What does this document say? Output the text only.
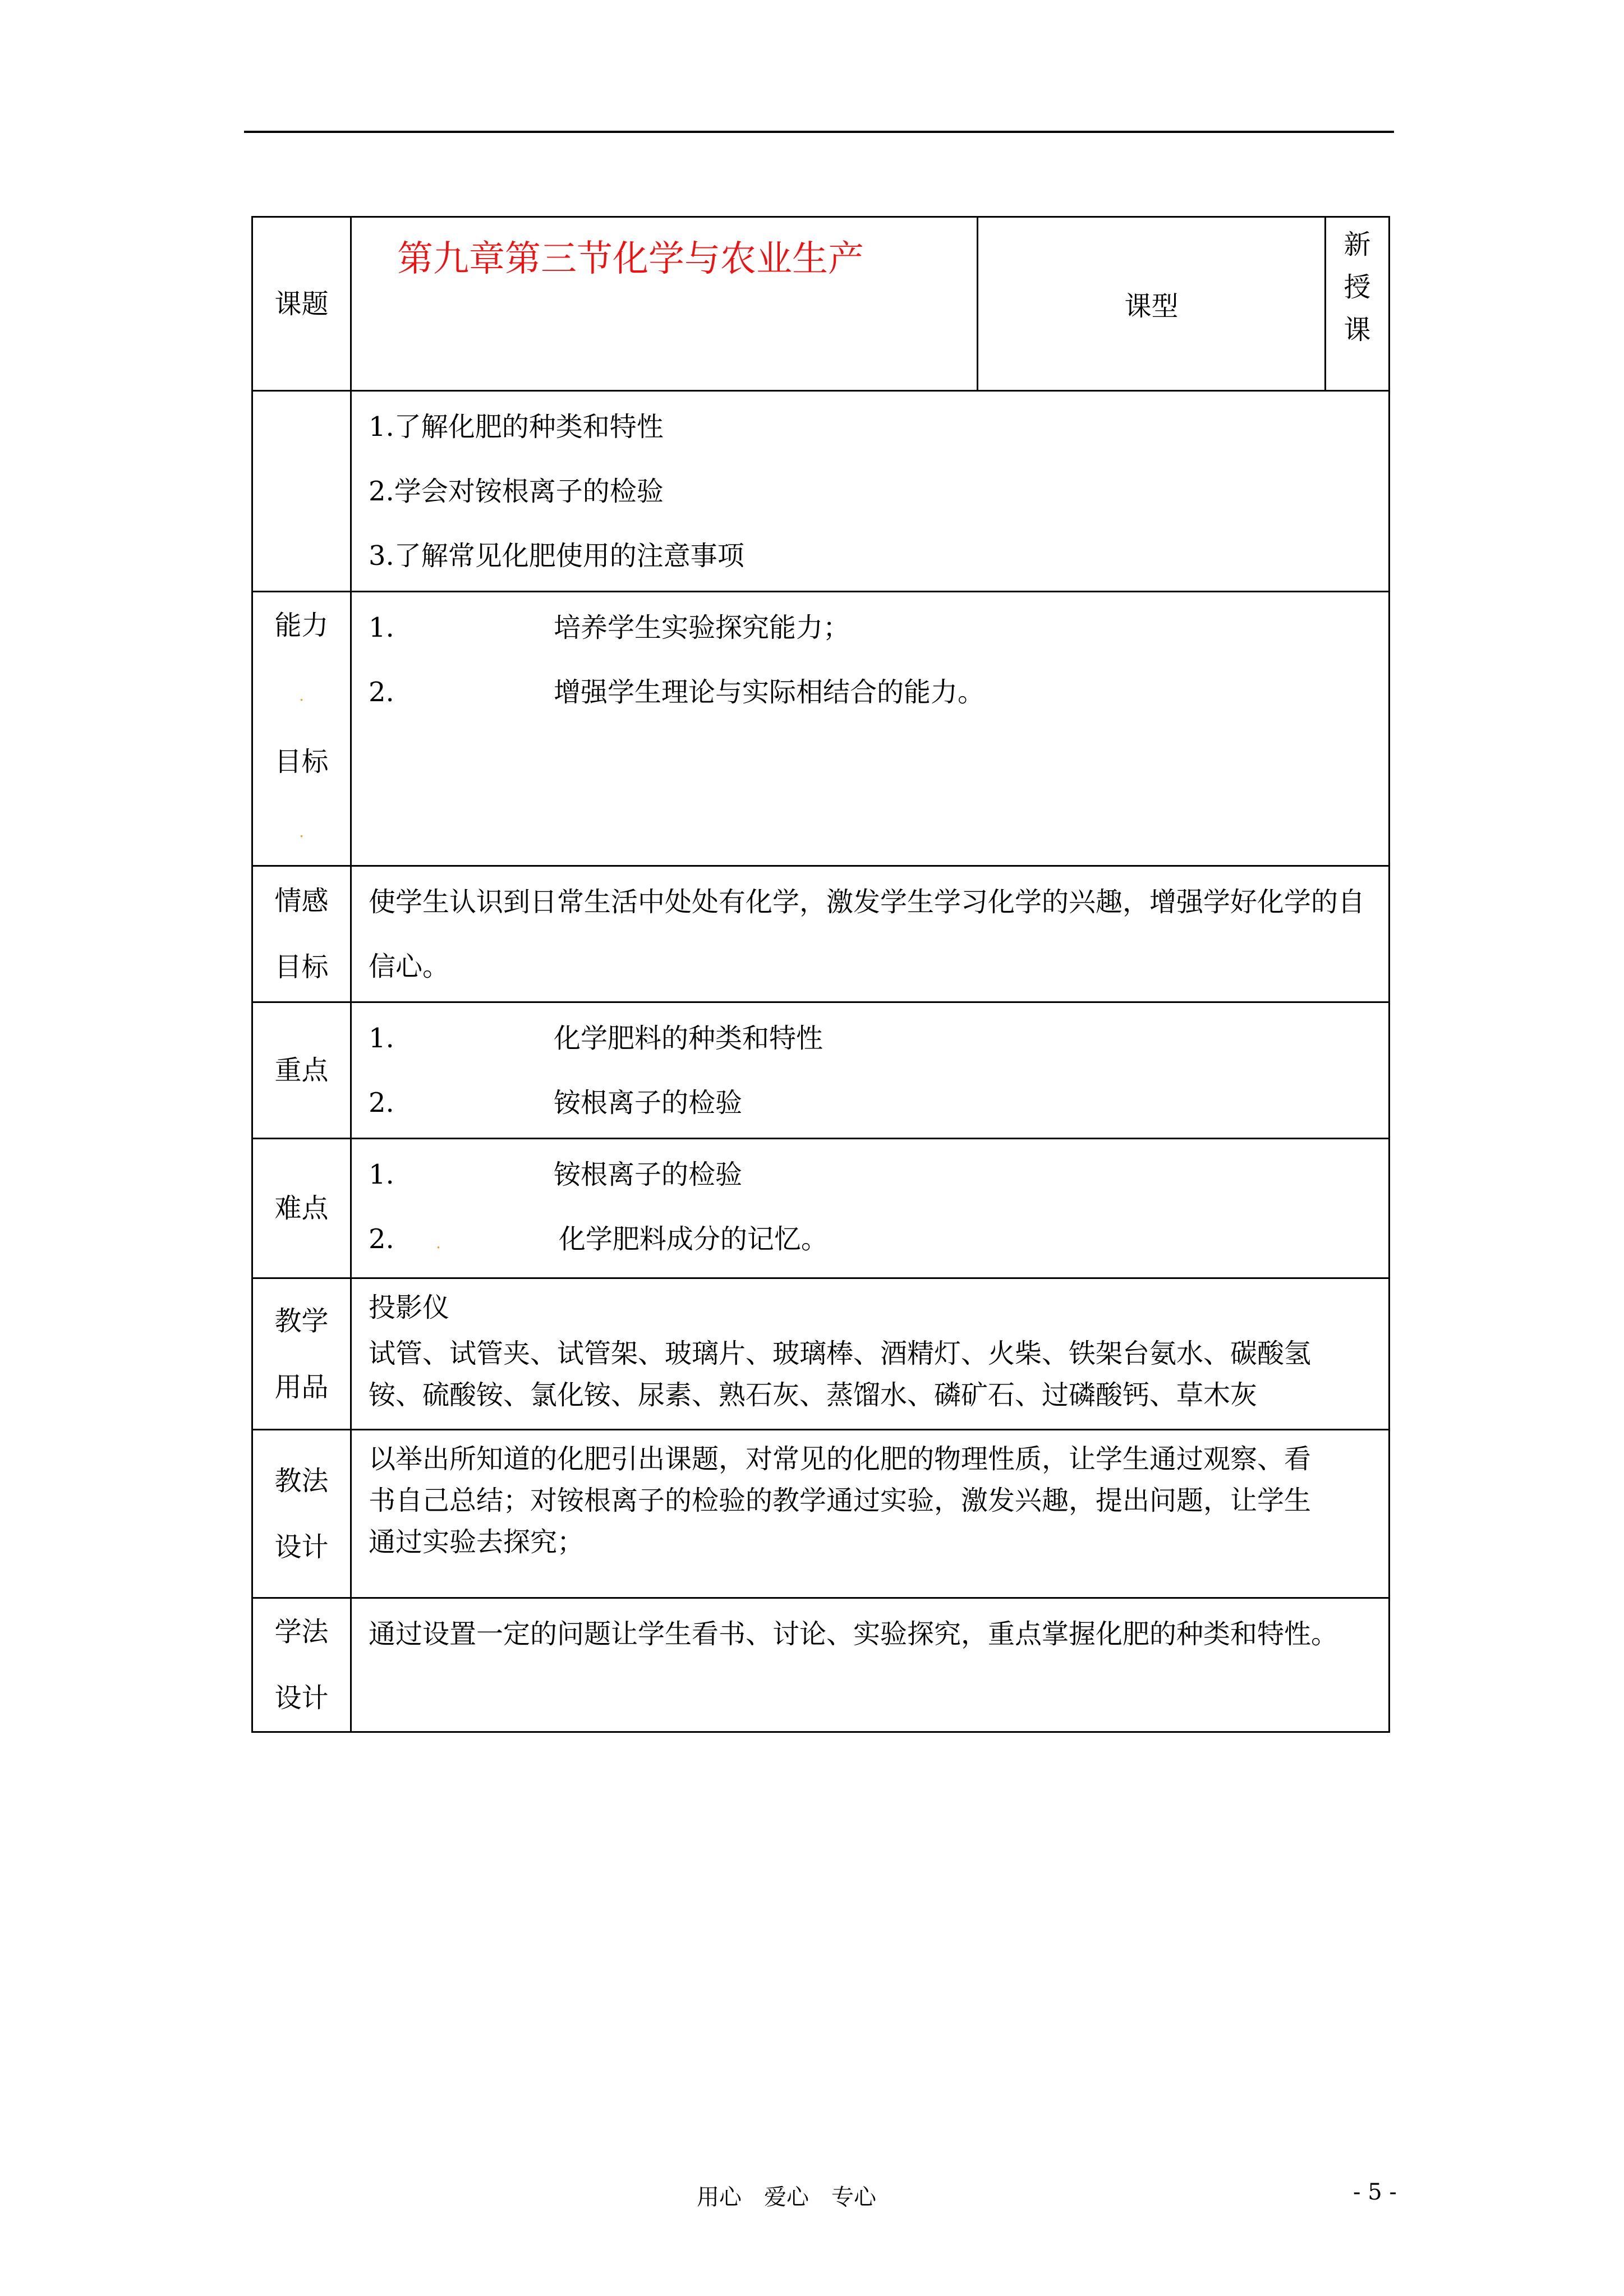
课题	第九章第三节化学与农业生产	课型	新
授
课

	1.了解化肥的种类和特性
2.学会对铵根离子的检验
3.了解常见化肥使用的注意事项		

能力
.
目标
.	1. 培养学生实验探究能力；
2. 增强学生理论与实际相结合的能力。		

情感
目标	使学生认识到日常生活中处处有化学，激发学生学习化学的兴趣，增强学好化学的自信心。		

重点	1. 化学肥料的种类和特性
2. 铵根离子的检验		

难点	1. 铵根离子的检验
2. . 化学肥料成分的记忆。		

教学
用品	投影仪
试管、试管夹、试管架、玻璃片、玻璃棒、酒精灯、火柴、铁架台氨水、碳酸氢
铵、硫酸铵、氯化铵、尿素、熟石灰、蒸馏水、磷矿石、过磷酸钙、草木灰		

教法
设计	以举出所知道的化肥引出课题，对常见的化肥的物理性质，让学生通过观察、看
书自己总结；对铵根离子的检验的教学通过实验，激发兴趣，提出问题，让学生
通过实验去探究；		

学法
设计	通过设置一定的问题让学生看书、讨论、实验探究，重点掌握化肥的种类和特性。		
用心 爱心 专心	- 5 -
